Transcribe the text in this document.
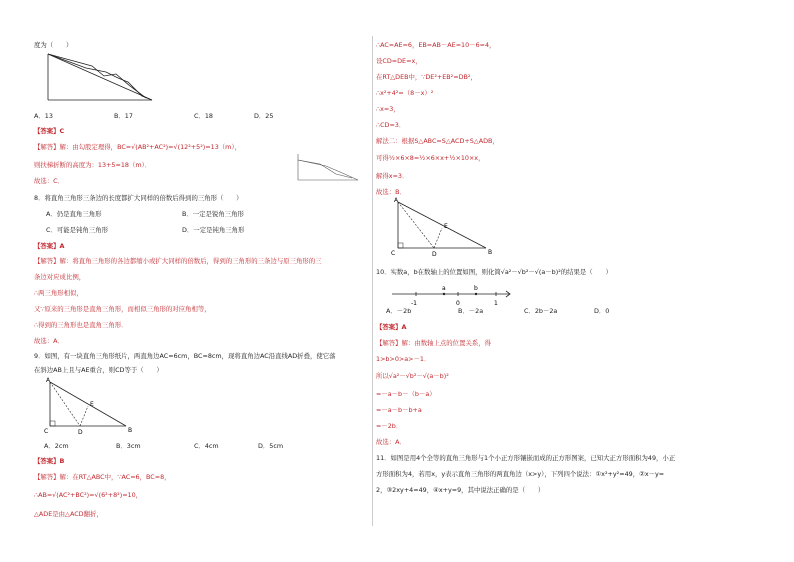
度为（　　）
A．13	B．17	C．18	D．25
【答案】C
【解答】解：由勾股定理得，BC=√(AB²+AC²)=√(12²+5²)=13（m），
则扶梯折断的高度为：13+5=18（m）．
故选：C．
8．将直角三角形三条边的长度都扩大同样的倍数后得到的三角形（　　）
A．仍是直角三角形	B．一定是锐角三角形
C．可能是钝角三角形	D．一定是钝角三角形
【答案】A
【解答】解：将直角三角形的各边都缩小或扩大同样的倍数后，得到的三角形的三条边与原三角形的三
条边对应成比例，
∴两三角形相似，
又∵原来的三角形是直角三角形，而相似三角形的对应角相等，
∴得到的三角形也是直角三角形．
故选：A．
9．如图，有一块直角三角形纸片，两直角边AC=6cm，BC=8cm，现将直角边AC沿直线AD折叠，使它落
在斜边AB上且与AE重合，则CD等于（　　）
A
E
C	D	B
A．2cm	B．3cm	C．4cm	D．5cm
【答案】B
【解答】解：在RT△ABC中，∵AC=6，BC=8，
∴AB=√(AC²+BC²)=√(6²+8²)=10，
△ADE是由△ACD翻折，
∴AC=AE=6，EB=AB－AE=10－6=4，
设CD=DE=x，
在RT△DEB中，∵DE²+EB²=DB²，
∴x²+4²=（8－x）²
∴x=3，
∴CD=3．
解法二：根据S△ABC=S△ACD+S△ADB，
可得½×6×8=½×6×x+½×10×x，
解得x=3．
故选：B．
A
E
C	D	B
10．实数a，b在数轴上的位置如图，则化简√a²－√b²－√(a－b)²的结果是（　　）
-1
a
0
b
1
A．－2b	B．－2a	C．2b－2a	D．0
【答案】A
【解答】解：由数轴上点的位置关系，得
1>b>0>a>－1．
所以√a²－√b²－√(a－b)²
=－a－b－（b－a）
=－a－b－b+a
=－2b．
故选：A．
11．如图是用4个全等的直角三角形与1个小正方形镶嵌而成的正方形图案，已知大正方形面积为49，小正
方形面积为4，若用x，y表示直角三角形的两直角边（x>y），下列四个说法：①x²+y²=49，②x－y=
2，③2xy+4=49，④x+y=9，其中说法正确的是（　　）
